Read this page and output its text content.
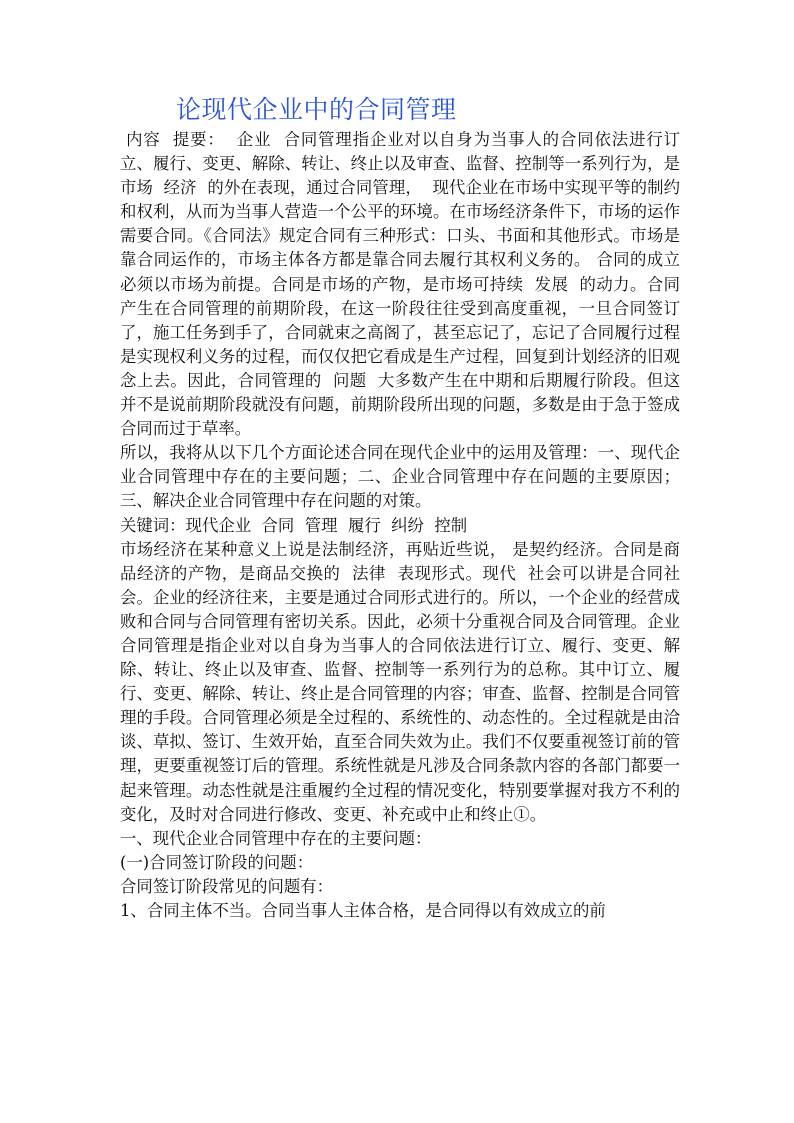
论现代企业中的合同管理

内容  提要：  企业  合同管理指企业对以自身为当事人的合同依法进行订立、履行、变更、解除、转让、终止以及审查、监督、控制等一系列行为，是市场  经济  的外在表现，通过合同管理，  现代企业在市场中实现平等的制约和权利，从而为当事人营造一个公平的环境。在市场经济条件下，市场的运作需要合同。《合同法》规定合同有三种形式：口头、书面和其他形式。市场是靠合同运作的，市场主体各方都是靠合同去履行其权利义务的。 合同的成立必须以市场为前提。合同是市场的产物，是市场可持续  发展  的动力。合同产生在合同管理的前期阶段，在这一阶段往往受到高度重视，一旦合同签订了，施工任务到手了，合同就束之高阁了，甚至忘记了，忘记了合同履行过程是实现权利义务的过程，而仅仅把它看成是生产过程，回复到计划经济的旧观念上去。因此，合同管理的  问题  大多数产生在中期和后期履行阶段。但这并不是说前期阶段就没有问题，前期阶段所出现的问题，多数是由于急于签成合同而过于草率。

所以，我将从以下几个方面论述合同在现代企业中的运用及管理：一、现代企业合同管理中存在的主要问题；二、企业合同管理中存在问题的主要原因；三、解决企业合同管理中存在问题的对策。

关键词：现代企业  合同  管理  履行  纠纷  控制

市场经济在某种意义上说是法制经济，再贴近些说， 是契约经济。合同是商品经济的产物，是商品交换的  法律  表现形式。现代  社会可以讲是合同社会。企业的经济往来，主要是通过合同形式进行的。所以，一个企业的经营成败和合同与合同管理有密切关系。因此，必须十分重视合同及合同管理。企业合同管理是指企业对以自身为当事人的合同依法进行订立、履行、变更、解除、转让、终止以及审查、监督、控制等一系列行为的总称。其中订立、履行、变更、解除、转让、终止是合同管理的内容；审查、监督、控制是合同管理的手段。合同管理必须是全过程的、系统性的、动态性的。全过程就是由洽谈、草拟、签订、生效开始，直至合同失效为止。我们不仅要重视签订前的管理，更要重视签订后的管理。系统性就是凡涉及合同条款内容的各部门都要一起来管理。动态性就是注重履约全过程的情况变化，特别要掌握对我方不利的变化，及时对合同进行修改、变更、补充或中止和终止①。

一、现代企业合同管理中存在的主要问题：

(一)合同签订阶段的问题：

合同签订阶段常见的问题有：

1、合同主体不当。合同当事人主体合格，是合同得以有效成立的前
